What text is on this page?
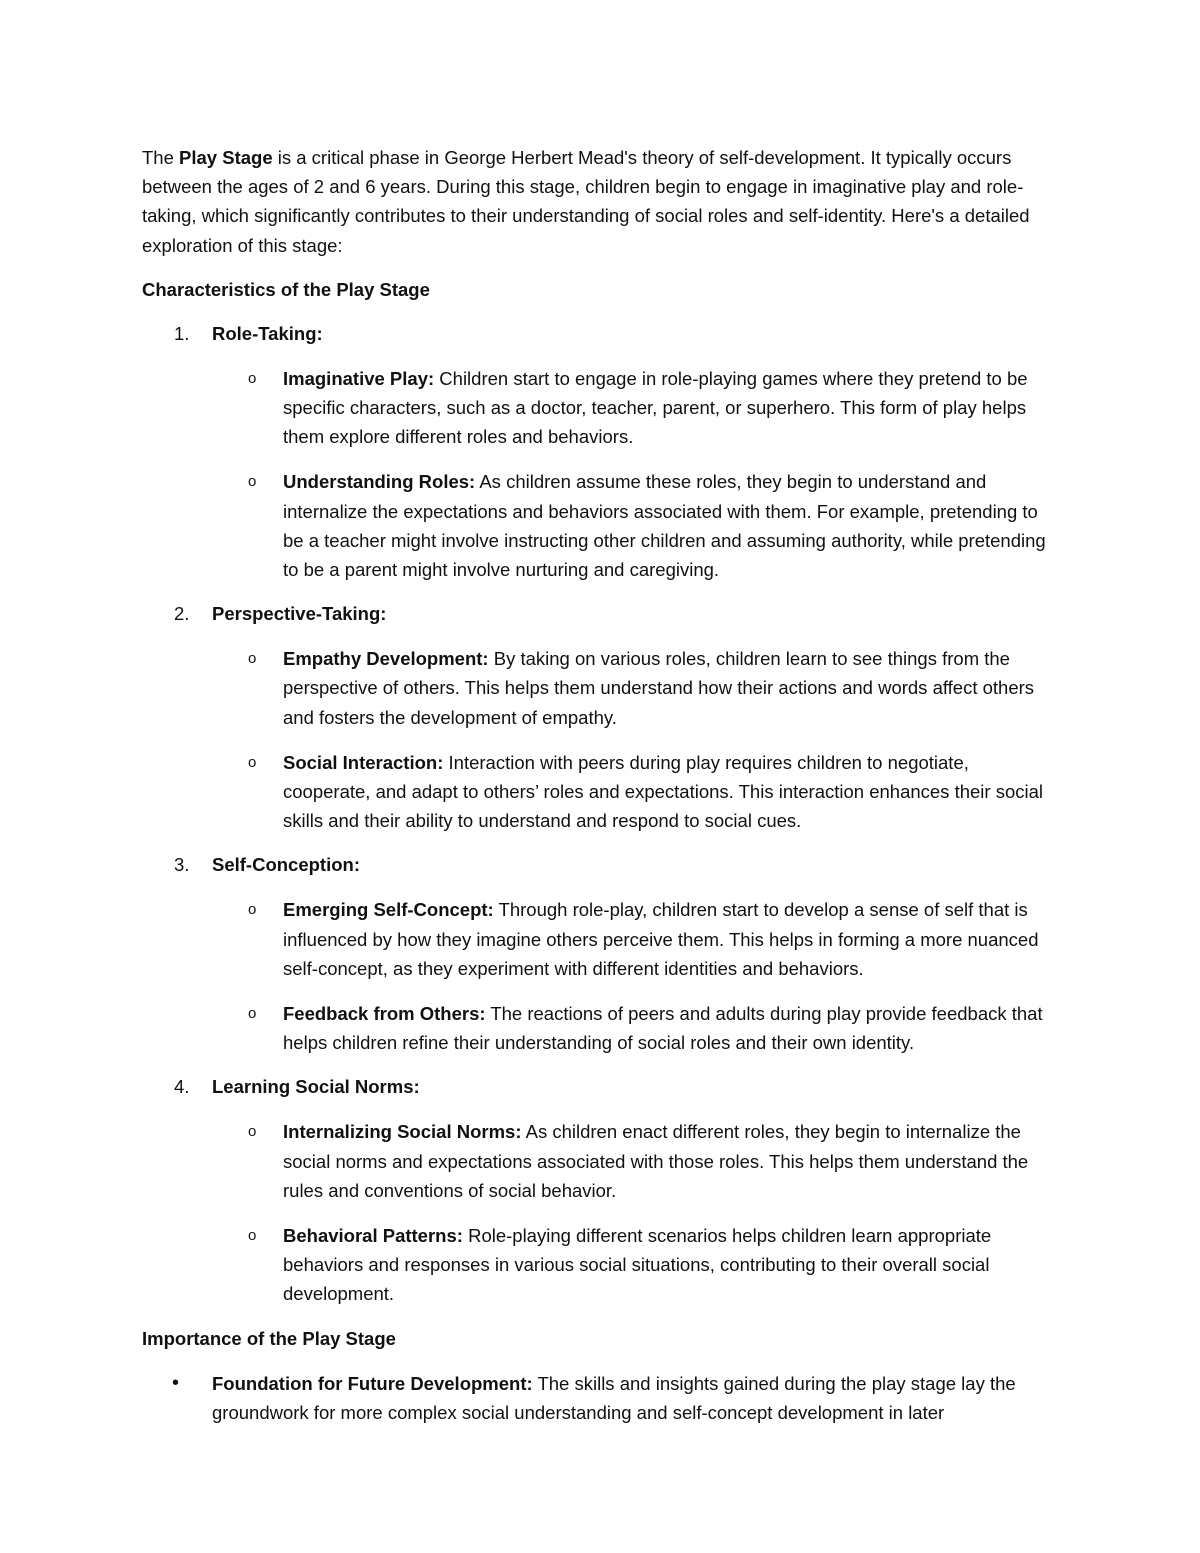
The Play Stage is a critical phase in George Herbert Mead's theory of self-development. It typically occurs between the ages of 2 and 6 years. During this stage, children begin to engage in imaginative play and role-taking, which significantly contributes to their understanding of social roles and self-identity. Here's a detailed exploration of this stage:

Characteristics of the Play Stage
1. Role-Taking:
o Imaginative Play: Children start to engage in role-playing games where they pretend to be specific characters, such as a doctor, teacher, parent, or superhero. This form of play helps them explore different roles and behaviors.
o Understanding Roles: As children assume these roles, they begin to understand and internalize the expectations and behaviors associated with them. For example, pretending to be a teacher might involve instructing other children and assuming authority, while pretending to be a parent might involve nurturing and caregiving.
2. Perspective-Taking:
o Empathy Development: By taking on various roles, children learn to see things from the perspective of others. This helps them understand how their actions and words affect others and fosters the development of empathy.
o Social Interaction: Interaction with peers during play requires children to negotiate, cooperate, and adapt to others’ roles and expectations. This interaction enhances their social skills and their ability to understand and respond to social cues.
3. Self-Conception:
o Emerging Self-Concept: Through role-play, children start to develop a sense of self that is influenced by how they imagine others perceive them. This helps in forming a more nuanced self-concept, as they experiment with different identities and behaviors.
o Feedback from Others: The reactions of peers and adults during play provide feedback that helps children refine their understanding of social roles and their own identity.
4. Learning Social Norms:
o Internalizing Social Norms: As children enact different roles, they begin to internalize the social norms and expectations associated with those roles. This helps them understand the rules and conventions of social behavior.
o Behavioral Patterns: Role-playing different scenarios helps children learn appropriate behaviors and responses in various social situations, contributing to their overall social development.
Importance of the Play Stage
• Foundation for Future Development: The skills and insights gained during the play stage lay the groundwork for more complex social understanding and self-concept development in later
